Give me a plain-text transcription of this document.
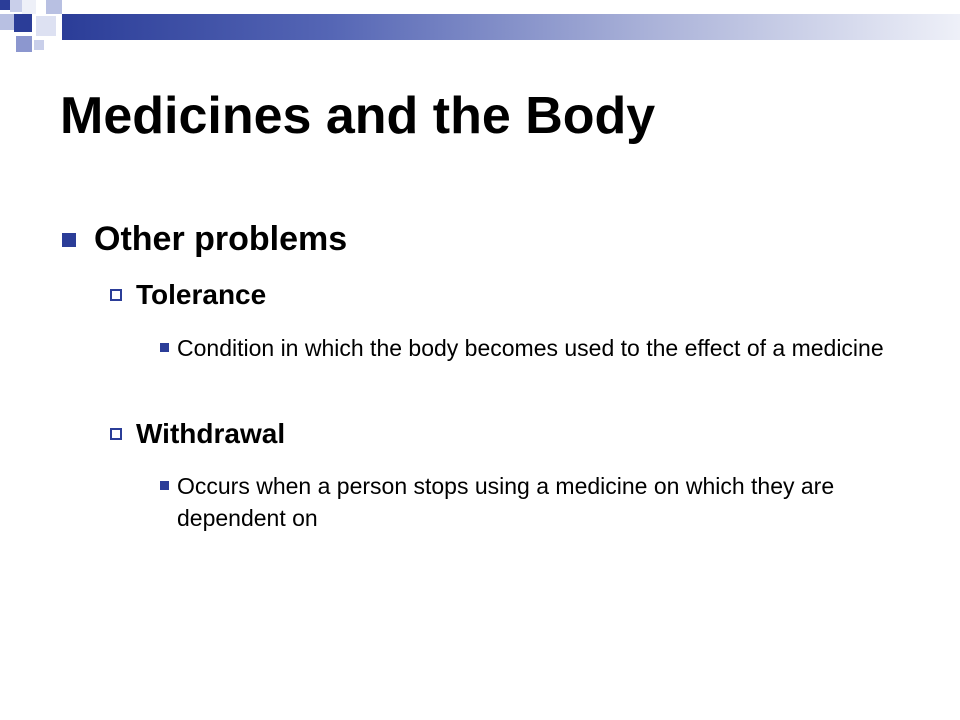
Medicines and the Body
Other problems
Tolerance
Condition in which the body becomes used to the effect of a medicine
Withdrawal
Occurs when a person stops using a medicine on which they are dependent on
